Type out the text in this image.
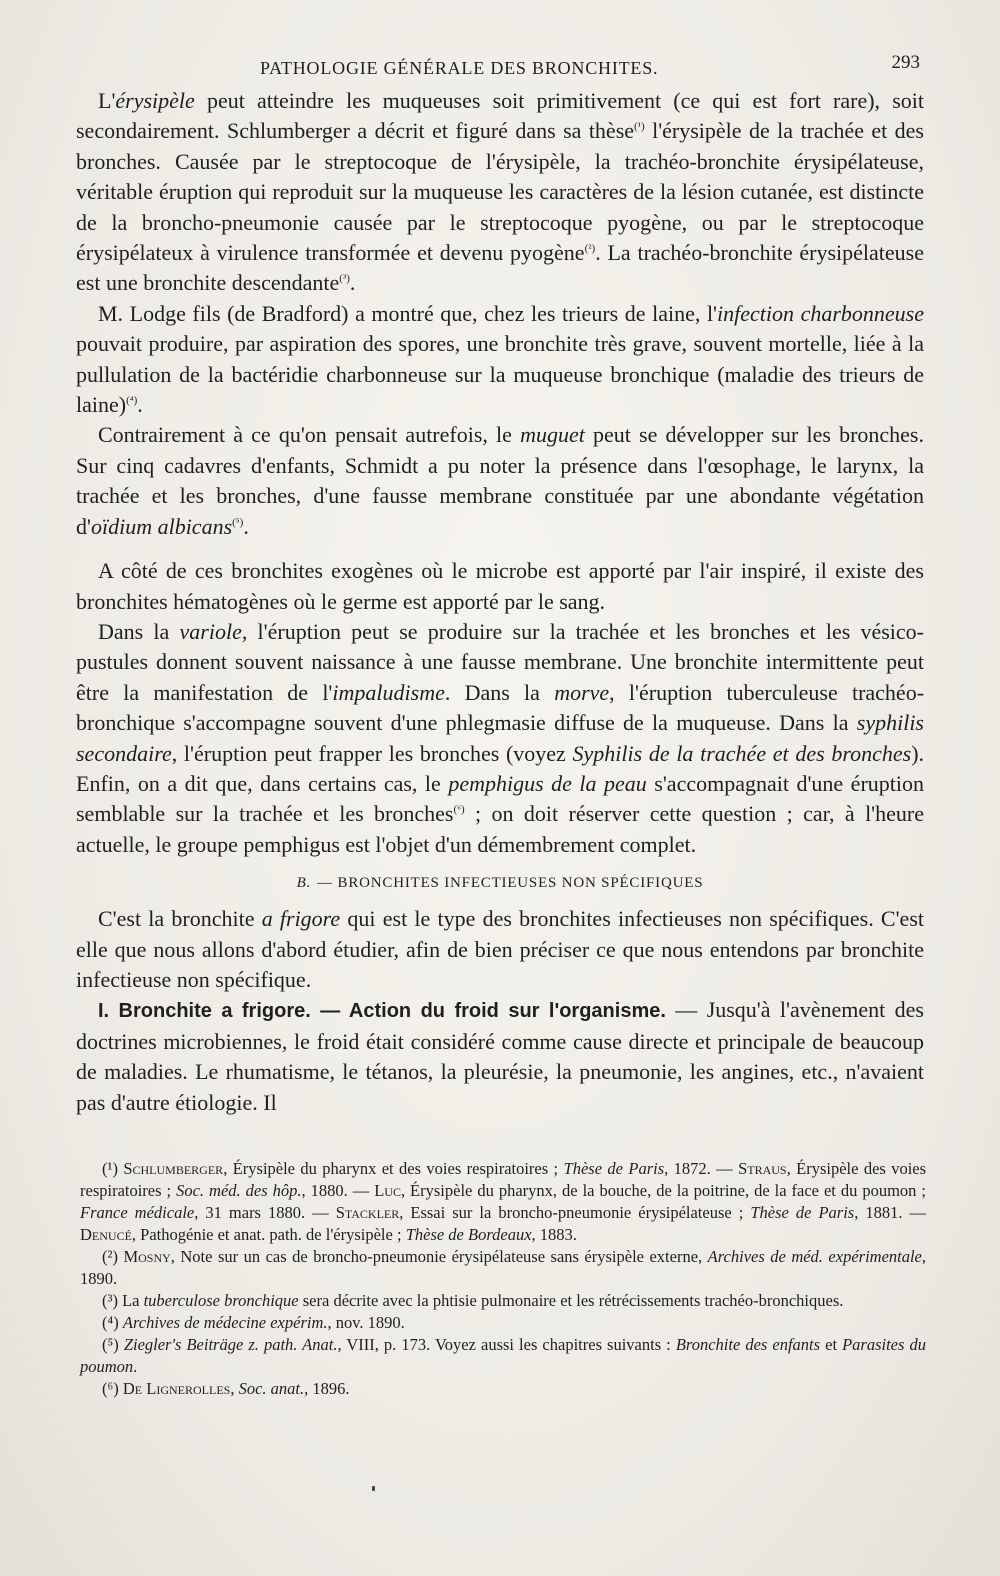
PATHOLOGIE GÉNÉRALE DES BRONCHITES.	293

L'érysipèle peut atteindre les muqueuses soit primitivement (ce qui est fort rare), soit secondairement. Schlumberger a décrit et figuré dans sa thèse$^{(^1)}$ l'érysipèle de la trachée et des bronches. Causée par le streptocoque de l'érysipèle, la trachéo-bronchite érysipélateuse, véritable éruption qui reproduit sur la muqueuse les caractères de la lésion cutanée, est distincte de la broncho-pneumonie causée par le streptocoque pyogène, ou par le streptocoque érysipélateux à virulence transformée et devenu pyogène$^{(^2)}$. La trachéo-bronchite érysipélateuse est une bronchite descendante$^{(^3)}$.

M. Lodge fils (de Bradford) a montré que, chez les trieurs de laine, l'infection charbonneuse pouvait produire, par aspiration des spores, une bronchite très grave, souvent mortelle, liée à la pullulation de la bactéridie charbonneuse sur la muqueuse bronchique (maladie des trieurs de laine)$^{(^4)}$.

Contrairement à ce qu'on pensait autrefois, le muguet peut se développer sur les bronches. Sur cinq cadavres d'enfants, Schmidt a pu noter la présence dans l'œsophage, le larynx, la trachée et les bronches, d'une fausse membrane constituée par une abondante végétation d'oïdium albicans$^{(^5)}$.

A côté de ces bronchites exogènes où le microbe est apporté par l'air inspiré, il existe des bronchites hématogènes où le germe est apporté par le sang.

Dans la variole, l'éruption peut se produire sur la trachée et les bronches et les vésico-pustules donnent souvent naissance à une fausse membrane. Une bronchite intermittente peut être la manifestation de l'impaludisme. Dans la morve, l'éruption tuberculeuse trachéo-bronchique s'accompagne souvent d'une phlegmasie diffuse de la muqueuse. Dans la syphilis secondaire, l'éruption peut frapper les bronches (voyez Syphilis de la trachée et des bronches). Enfin, on a dit que, dans certains cas, le pemphigus de la peau s'accompagnait d'une éruption semblable sur la trachée et les bronches$^{(^6)}$ ; on doit réserver cette question ; car, à l'heure actuelle, le groupe pemphigus est l'objet d'un démembrement complet.

B. — BRONCHITES INFECTIEUSES NON SPÉCIFIQUES

C'est la bronchite a frigore qui est le type des bronchites infectieuses non spécifiques. C'est elle que nous allons d'abord étudier, afin de bien préciser ce que nous entendons par bronchite infectieuse non spécifique.

I. Bronchite a frigore. — Action du froid sur l'organisme. — Jusqu'à l'avènement des doctrines microbiennes, le froid était considéré comme cause directe et principale de beaucoup de maladies. Le rhumatisme, le tétanos, la pleurésie, la pneumonie, les angines, etc., n'avaient pas d'autre étiologie. Il

(¹) Schlumberger, Érysipèle du pharynx et des voies respiratoires ; Thèse de Paris, 1872. — Straus, Érysipèle des voies respiratoires ; Soc. méd. des hôp., 1880. — Luc, Érysipèle du pharynx, de la bouche, de la poitrine, de la face et du poumon ; France médicale, 31 mars 1880. — Stackler, Essai sur la broncho-pneumonie érysipélateuse ; Thèse de Paris, 1881. — Denucé, Pathogénie et anat. path. de l'érysipèle ; Thèse de Bordeaux, 1883.

(²) Mosny, Note sur un cas de broncho-pneumonie érysipélateuse sans érysipèle externe, Archives de méd. expérimentale, 1890.

(³) La tuberculose bronchique sera décrite avec la phtisie pulmonaire et les rétrécissements trachéo-bronchiques.

(⁴) Archives de médecine expérim., nov. 1890.

(⁵) Ziegler's Beiträge z. path. Anat., VIII, p. 173. Voyez aussi les chapitres suivants : Bronchite des enfants et Parasites du poumon.

(⁶) De Lignerolles, Soc. anat., 1896.
